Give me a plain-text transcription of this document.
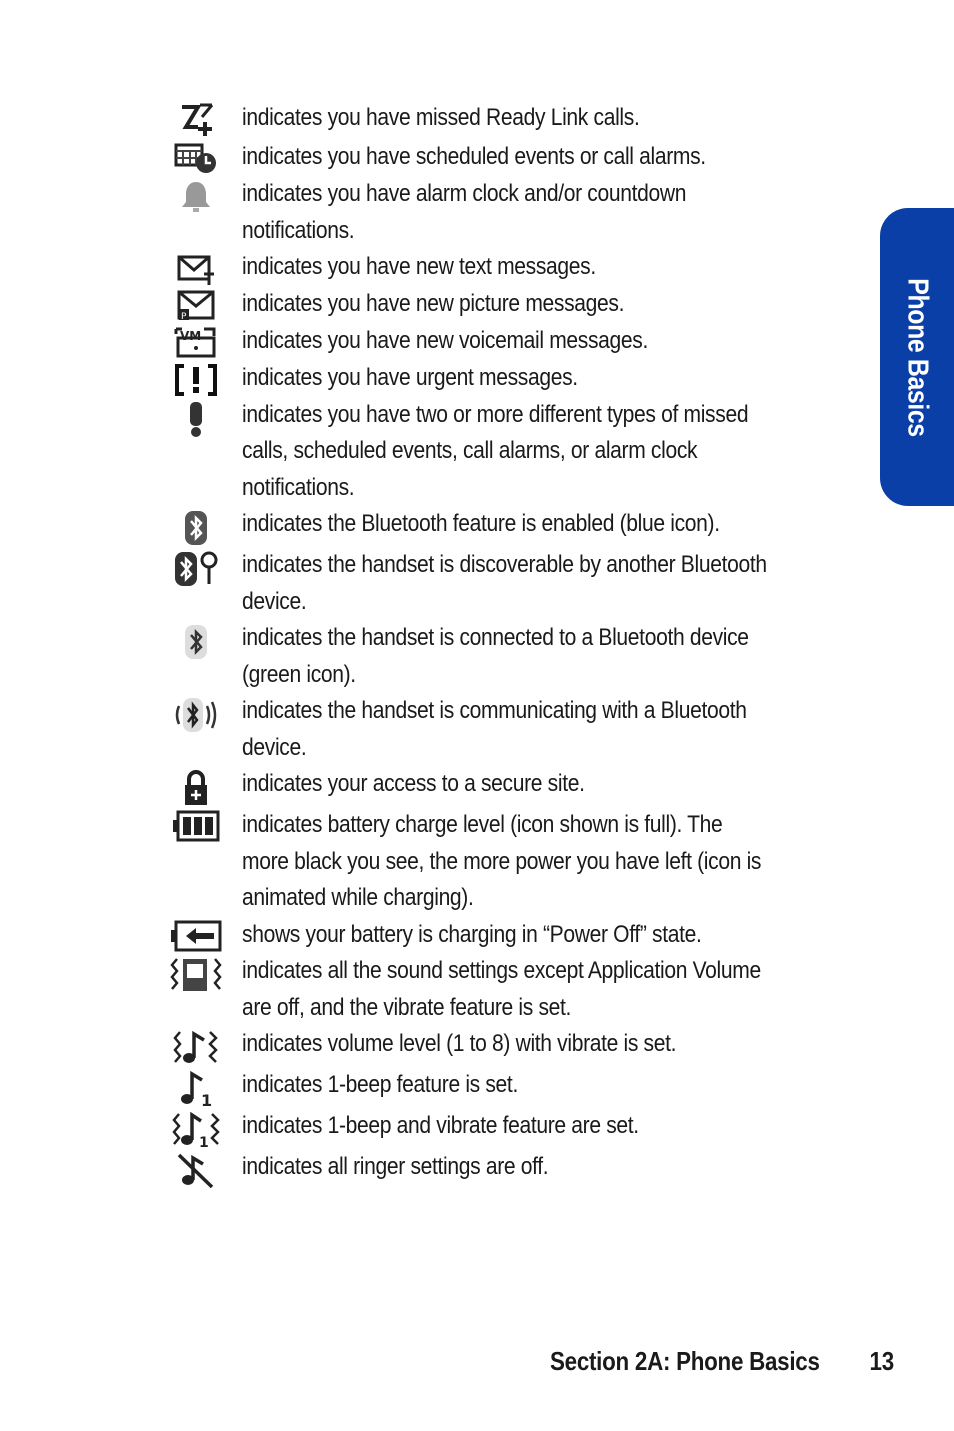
indicates you have missed Ready Link calls.
indicates you have scheduled events or call alarms.
indicates you have alarm clock and/or countdown notifications.
indicates you have new text messages.
P indicates you have new picture messages.
VM indicates you have new voicemail messages.
indicates you have urgent messages.
indicates you have two or more different types of missed calls, scheduled events, call alarms, or alarm clock notifications.
indicates the Bluetooth feature is enabled (blue icon).
indicates the handset is discoverable by another Bluetooth device.
indicates the handset is connected to a Bluetooth device (green icon).
indicates the handset is communicating with a Bluetooth device.
indicates your access to a secure site.
indicates battery charge level (icon shown is full). The more black you see, the more power you have left (icon is animated while charging).
shows your battery is charging in “Power Off” state.
indicates all the sound settings except Application Volume are off, and the vibrate feature is set.
indicates volume level (1 to 8) with vibrate is set.
1
indicates 1-beep feature is set.
1
indicates 1-beep and vibrate feature are set.
indicates all ringer settings are off.
Phone Basics
Section 2A: Phone Basics 13
